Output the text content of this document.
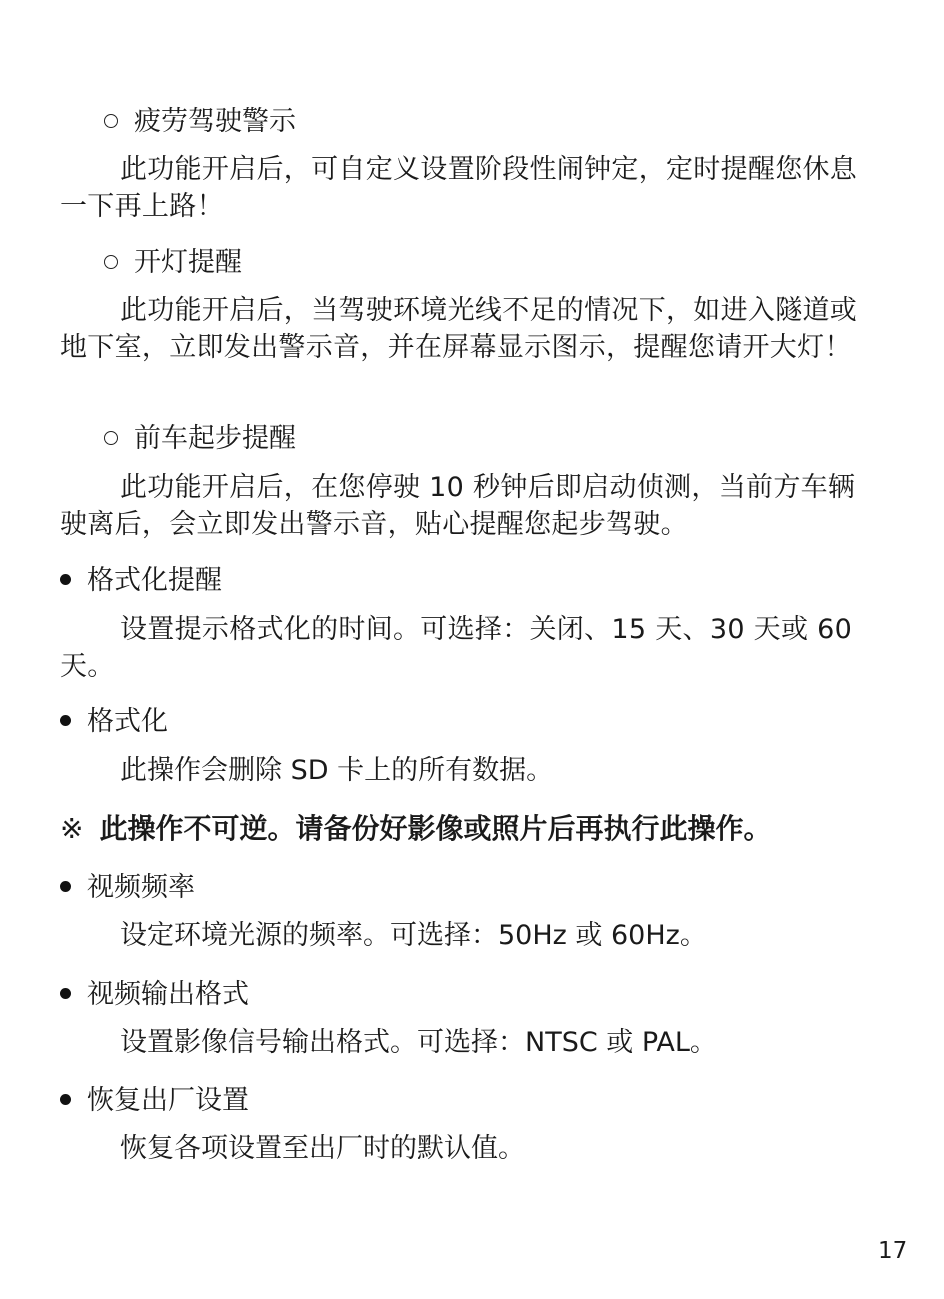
疲劳驾驶警示
此功能开启后，可自定义设置阶段性闹钟定，定时提醒您休息一下再上路！
开灯提醒
此功能开启后，当驾驶环境光线不足的情况下，如进入隧道或地下室，立即发出警示音，并在屏幕显示图示，提醒您请开大灯！
前车起步提醒
此功能开启后，在您停驶 10 秒钟后即启动侦测，当前方车辆驶离后，会立即发出警示音，贴心提醒您起步驾驶。
格式化提醒
设置提示格式化的时间。可选择：关闭、15 天、30 天或 60 天。
格式化
此操作会删除 SD 卡上的所有数据。
※ 此操作不可逆。请备份好影像或照片后再执行此操作。
视频频率
设定环境光源的频率。可选择：50Hz 或 60Hz。
视频输出格式
设置影像信号输出格式。可选择：NTSC 或 PAL。
恢复出厂设置
恢复各项设置至出厂时的默认值。
17
